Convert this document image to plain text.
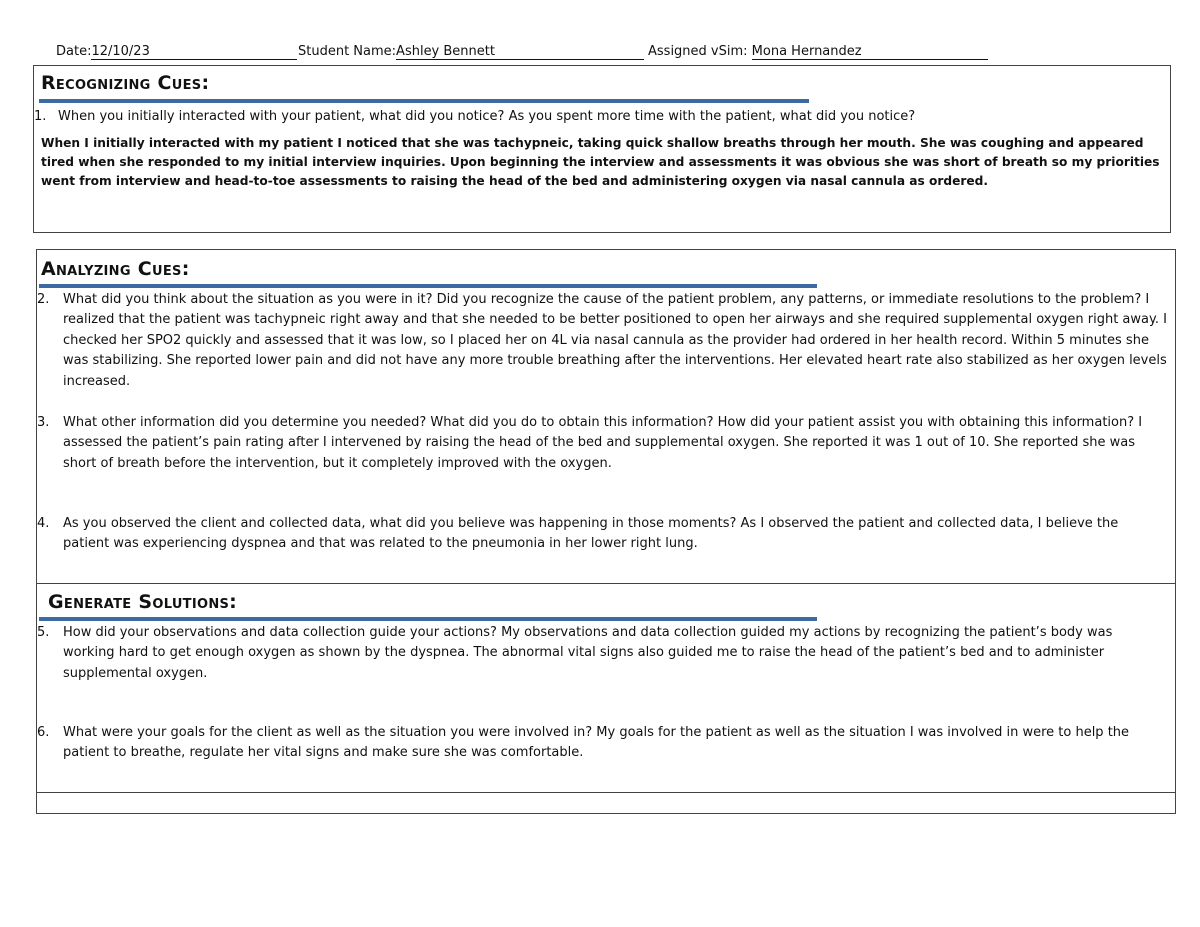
Date:12/10/23	Student Name:Ashley Bennett	Assigned vSim: Mona Hernandez
Recognizing Cues:
1. When you initially interacted with your patient, what did you notice? As you spent more time with the patient, what did you notice?
When I initially interacted with my patient I noticed that she was tachypneic, taking quick shallow breaths through her mouth. She was coughing and appeared tired when she responded to my initial interview inquiries. Upon beginning the interview and assessments it was obvious she was short of breath so my priorities went from interview and head-to-toe assessments to raising the head of the bed and administering oxygen via nasal cannula as ordered.
Analyzing Cues:
2. What did you think about the situation as you were in it? Did you recognize the cause of the patient problem, any patterns, or immediate resolutions to the problem? I realized that the patient was tachypneic right away and that she needed to be better positioned to open her airways and she required supplemental oxygen right away. I checked her SPO2 quickly and assessed that it was low, so I placed her on 4L via nasal cannula as the provider had ordered in her health record. Within 5 minutes she was stabilizing. She reported lower pain and did not have any more trouble breathing after the interventions. Her elevated heart rate also stabilized as her oxygen levels increased.
3. What other information did you determine you needed? What did you do to obtain this information? How did your patient assist you with obtaining this information? I assessed the patient’s pain rating after I intervened by raising the head of the bed and supplemental oxygen. She reported it was 1 out of 10. She reported she was short of breath before the intervention, but it completely improved with the oxygen.
4. As you observed the client and collected data, what did you believe was happening in those moments? As I observed the patient and collected data, I believe the patient was experiencing dyspnea and that was related to the pneumonia in her lower right lung.
Generate Solutions:
5. How did your observations and data collection guide your actions? My observations and data collection guided my actions by recognizing the patient’s body was working hard to get enough oxygen as shown by the dyspnea. The abnormal vital signs also guided me to raise the head of the patient’s bed and to administer supplemental oxygen.
6. What were your goals for the client as well as the situation you were involved in? My goals for the patient as well as the situation I was involved in were to help the patient to breathe, regulate her vital signs and make sure she was comfortable.
